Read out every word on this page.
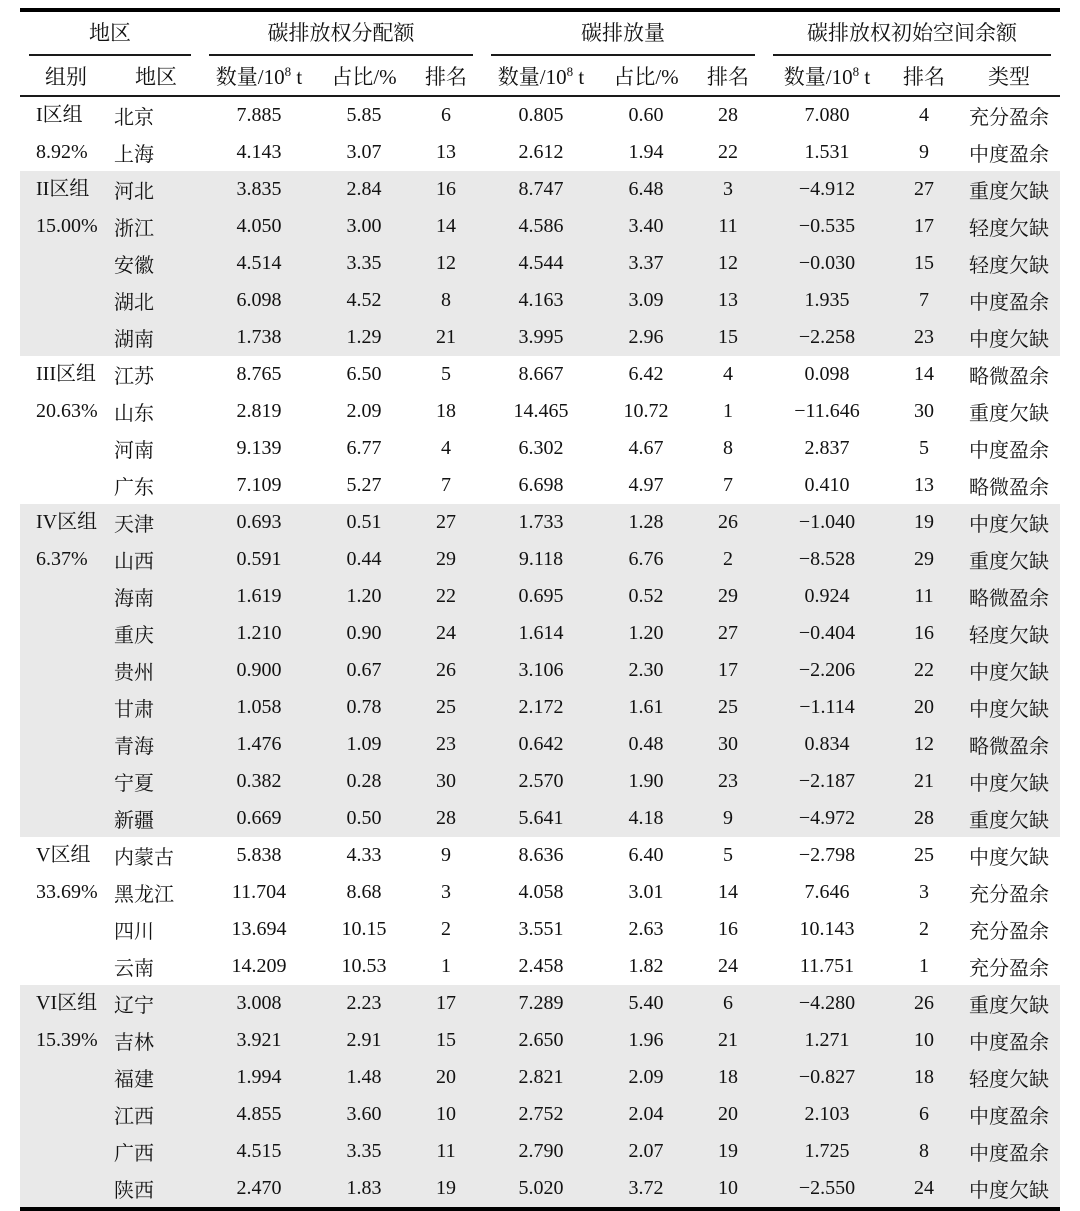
地区		碳排放权分配额			碳排放量			碳排放权初始空间余额		

组别	地区	数量$/10^8$ t	占比/%	排名	数量$/10^8$ t	占比/%	排名	数量$/10^8$ t	排名	类型

I区组
8.92%	北京	7.885	5.85	6	0.805	0.60	28	7.080	4	充分盈余
	上海	4.143	3.07	13	2.612	1.94	22	1.531	9	中度盈余

II区组
15.00%	河北	3.835	2.84	16	8.747	6.48	3	−4.912	27	重度欠缺
	浙江	4.050	3.00	14	4.586	3.40	11	−0.535	17	轻度欠缺
	安徽	4.514	3.35	12	4.544	3.37	12	−0.030	15	轻度欠缺
	湖北	6.098	4.52	8	4.163	3.09	13	1.935	7	中度盈余
	湖南	1.738	1.29	21	3.995	2.96	15	−2.258	23	中度欠缺

III区组
20.63%	江苏	8.765	6.50	5	8.667	6.42	4	0.098	14	略微盈余
	山东	2.819	2.09	18	14.465	10.72	1	−11.646	30	重度欠缺
	河南	9.139	6.77	4	6.302	4.67	8	2.837	5	中度盈余
	广东	7.109	5.27	7	6.698	4.97	7	0.410	13	略微盈余

IV区组
6.37%	天津	0.693	0.51	27	1.733	1.28	26	−1.040	19	中度欠缺
	山西	0.591	0.44	29	9.118	6.76	2	−8.528	29	重度欠缺
	海南	1.619	1.20	22	0.695	0.52	29	0.924	11	略微盈余
	重庆	1.210	0.90	24	1.614	1.20	27	−0.404	16	轻度欠缺
	贵州	0.900	0.67	26	3.106	2.30	17	−2.206	22	中度欠缺
	甘肃	1.058	0.78	25	2.172	1.61	25	−1.114	20	中度欠缺
	青海	1.476	1.09	23	0.642	0.48	30	0.834	12	略微盈余
	宁夏	0.382	0.28	30	2.570	1.90	23	−2.187	21	中度欠缺
	新疆	0.669	0.50	28	5.641	4.18	9	−4.972	28	重度欠缺

V区组
33.69%	内蒙古	5.838	4.33	9	8.636	6.40	5	−2.798	25	中度欠缺
	黑龙江	11.704	8.68	3	4.058	3.01	14	7.646	3	充分盈余
	四川	13.694	10.15	2	3.551	2.63	16	10.143	2	充分盈余
	云南	14.209	10.53	1	2.458	1.82	24	11.751	1	充分盈余

VI区组
15.39%	辽宁	3.008	2.23	17	7.289	5.40	6	−4.280	26	重度欠缺
	吉林	3.921	2.91	15	2.650	1.96	21	1.271	10	中度盈余
	福建	1.994	1.48	20	2.821	2.09	18	−0.827	18	轻度欠缺
	江西	4.855	3.60	10	2.752	2.04	20	2.103	6	中度盈余
	广西	4.515	3.35	11	2.790	2.07	19	1.725	8	中度盈余
	陕西	2.470	1.83	19	5.020	3.72	10	−2.550	24	中度欠缺
